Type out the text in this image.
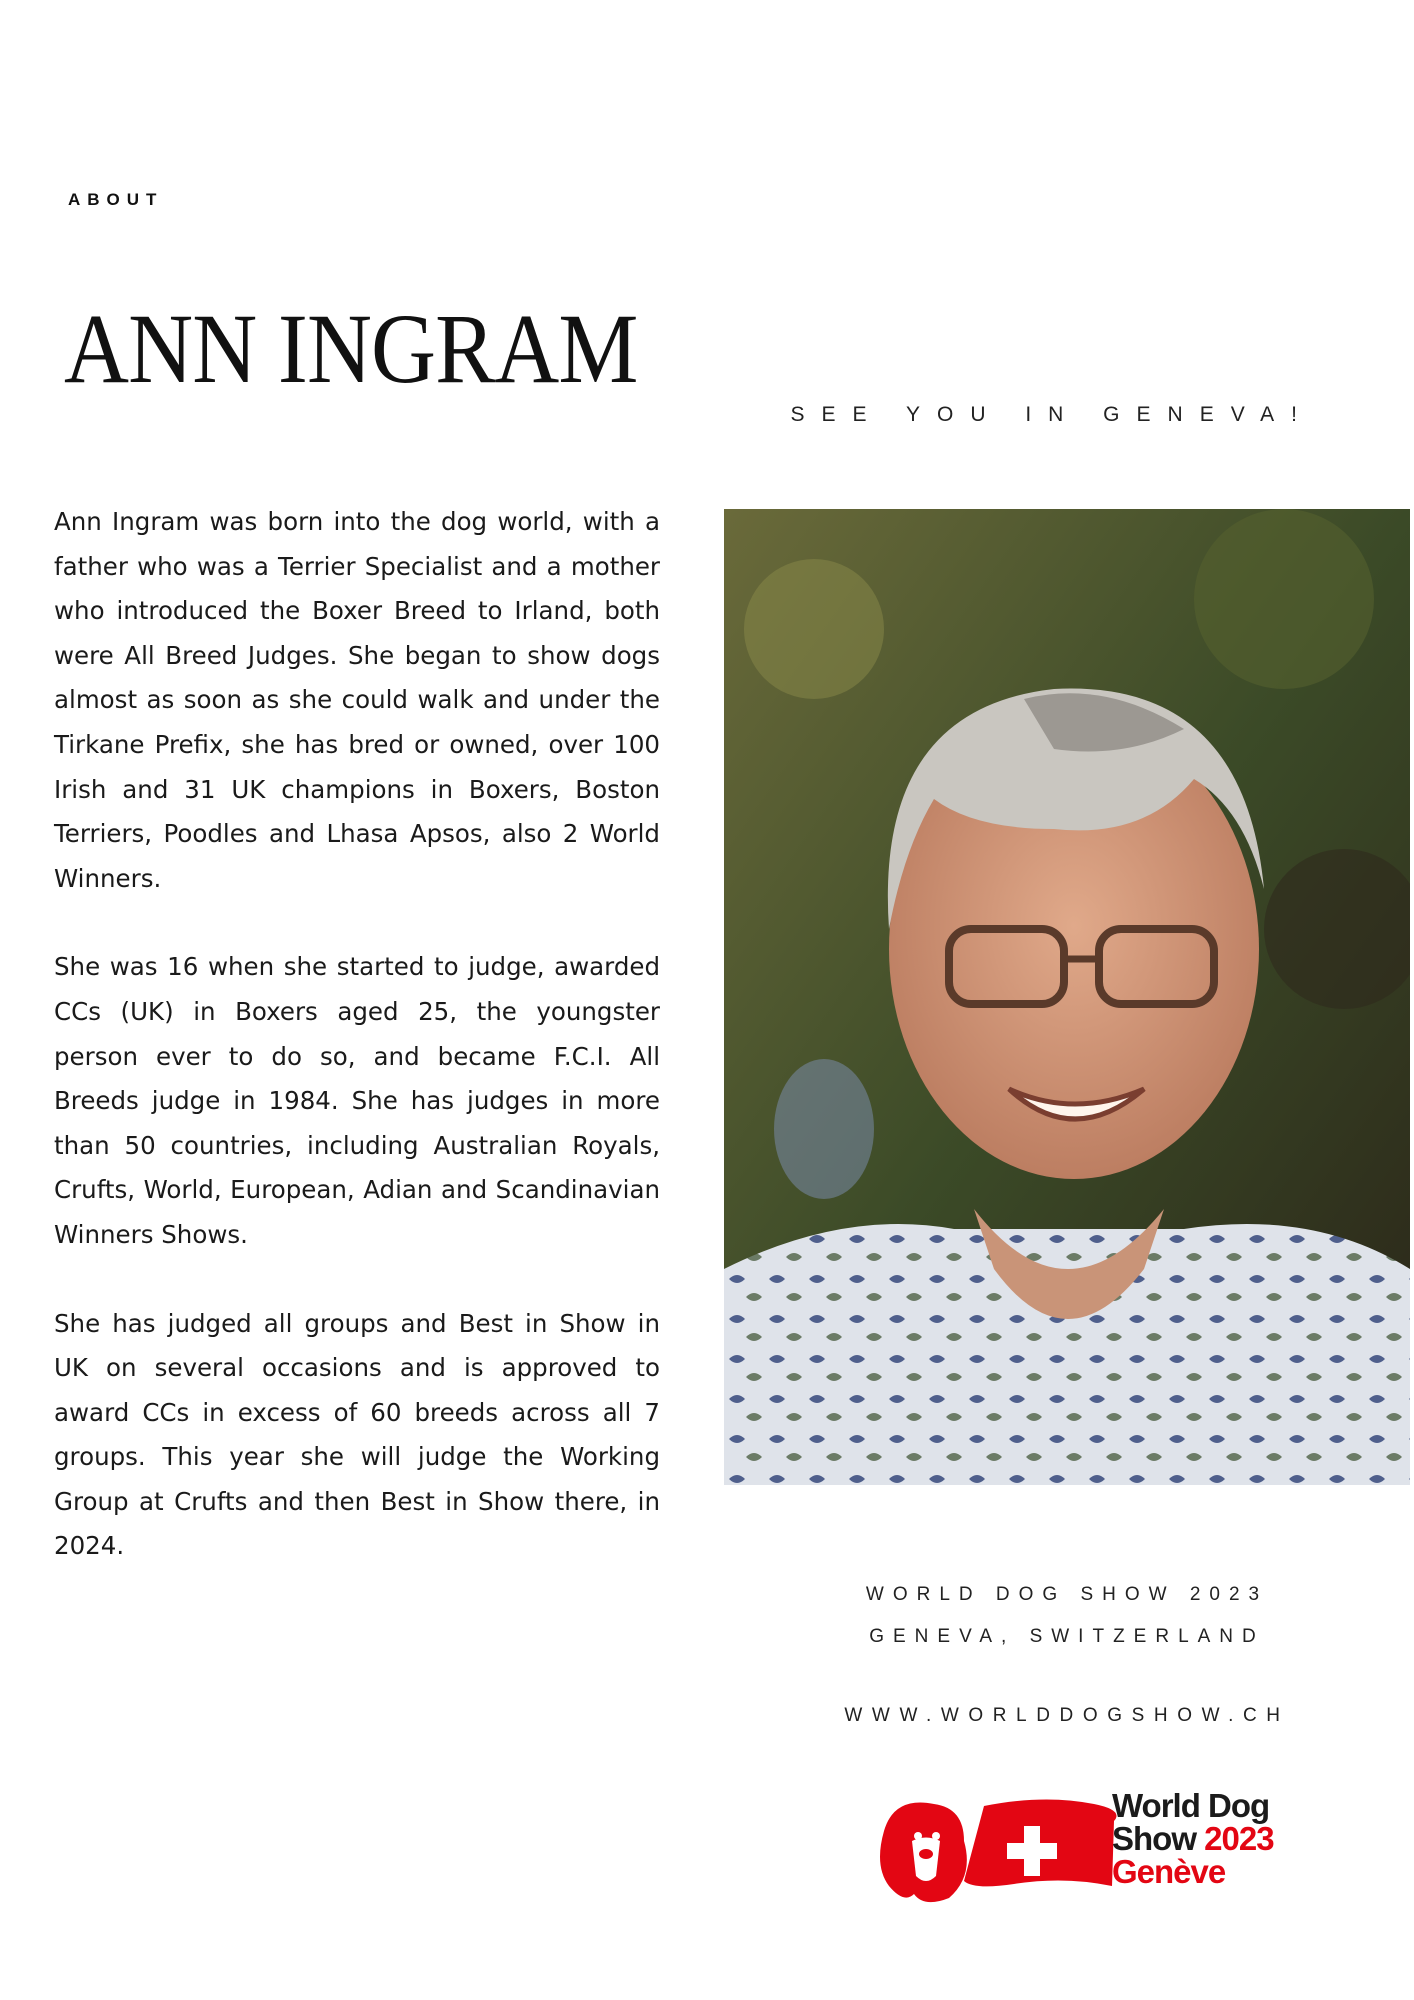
ABOUT
ANN INGRAM
SEE YOU IN GENEVA!

Ann Ingram was born into the dog world, with a father who was a Terrier Specialist and a mother who introduced the Boxer Breed to Irland, both were All Breed Judges. She began to show dogs almost as soon as she could walk and under the Tirkane Prefix, she has bred or owned, over 100 Irish and 31 UK champions in Boxers, Boston Terriers, Poodles and Lhasa Apsos, also 2 World Winners.

She was 16 when she started to judge, awarded CCs (UK) in Boxers aged 25, the youngster person ever to do so, and became F.C.I. All Breeds judge in 1984. She has judges in more than 50 countries, including Australian Royals, Crufts, World, European, Adian and Scandinavian Winners Shows.

She has judged all groups and Best in Show in UK on several occasions and is approved to award CCs in excess of 60 breeds across all 7 groups. This year she will judge the Working Group at Crufts and then Best in Show there, in 2024.

WORLD DOG SHOW 2023
GENEVA, SWITZERLAND
WWW.WORLDDOGSHOW.CH
World Dog
Show 2023
Genève
